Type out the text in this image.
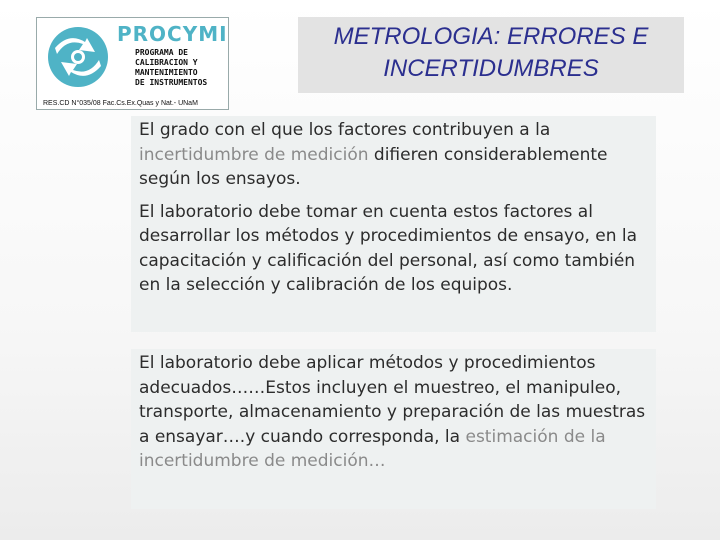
PROCYMI
PROGRAMA DE
CALIBRACION Y
MANTENIMIENTO
DE INSTRUMENTOS
RES.CD N°035/08 Fac.Cs.Ex.Quas y Nat.- UNaM
METROLOGIA: ERRORES E
INCERTIDUMBRES

El grado con el que los factores contribuyen a la
incertidumbre de medición difieren considerablemente según los ensayos.

El laboratorio debe tomar en cuenta estos factores al desarrollar los métodos y procedimientos de ensayo, en la capacitación y calificación del personal, así como también en la selección y calibración de los equipos.

El laboratorio debe aplicar métodos y procedimientos adecuados……Estos incluyen el muestreo, el manipuleo, transporte, almacenamiento y preparación de las muestras a ensayar….y cuando corresponda, la estimación de la incertidumbre de medición…
